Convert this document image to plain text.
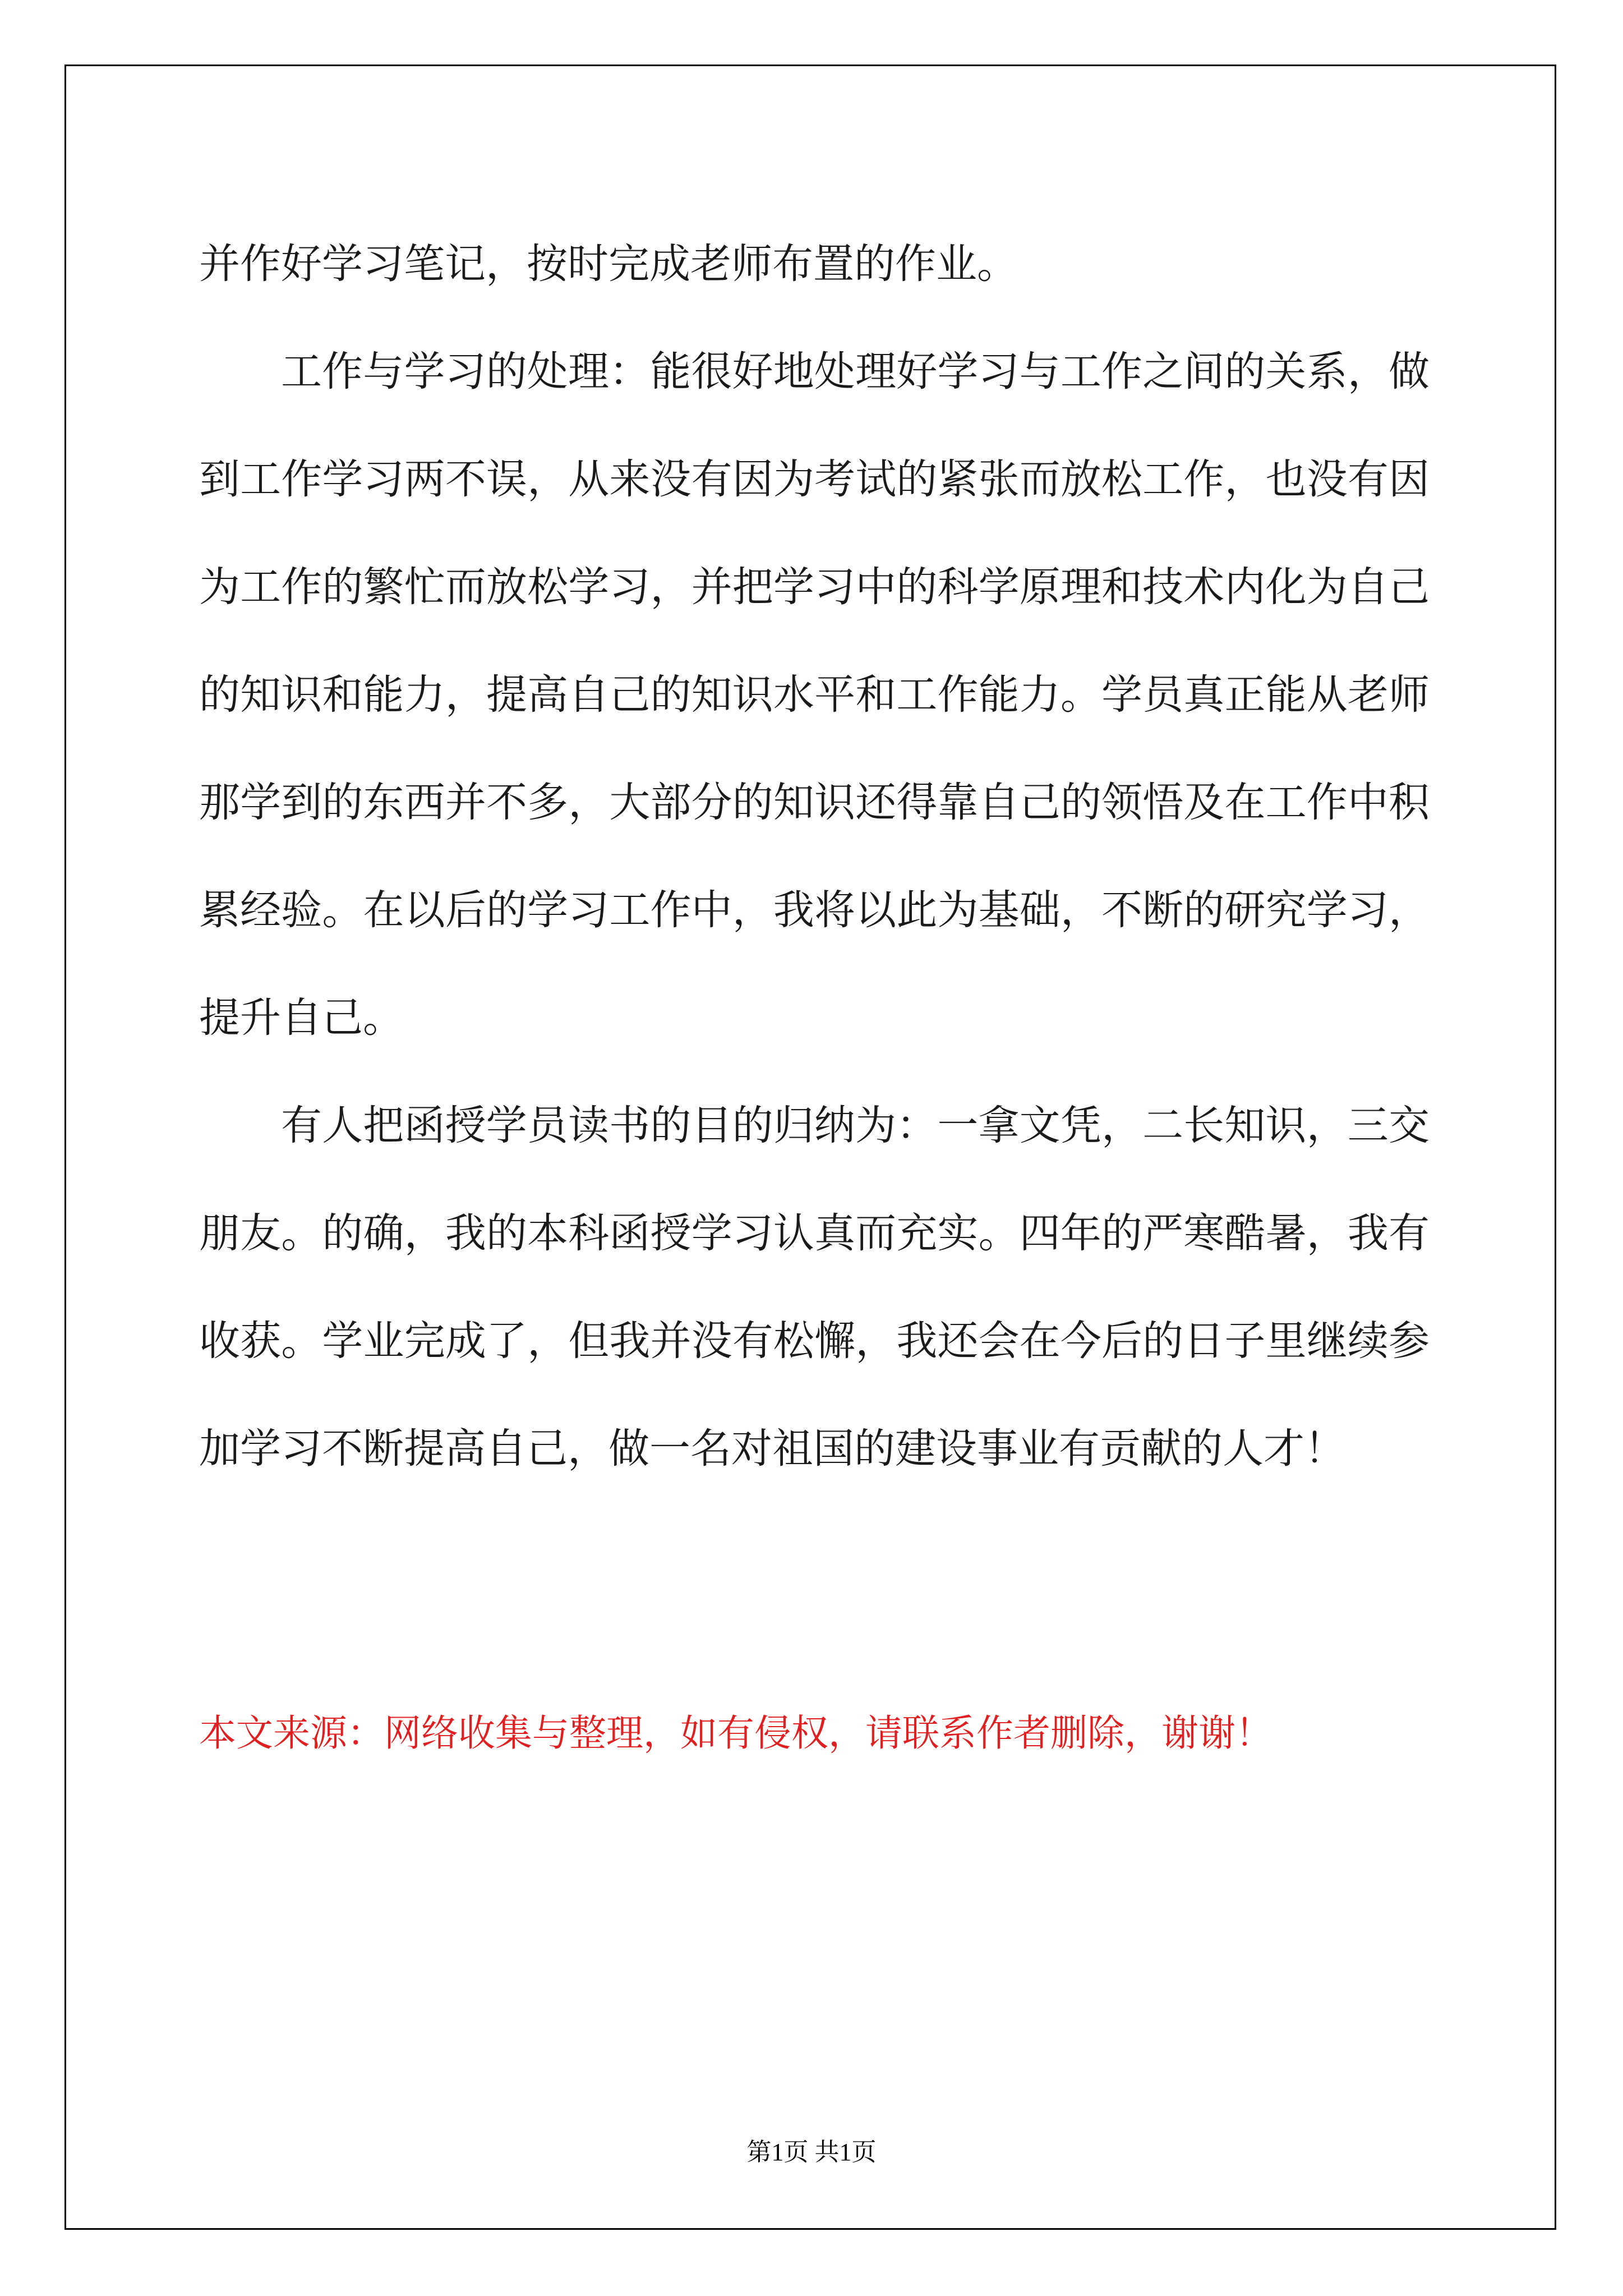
并作好学习笔记，按时完成老师布置的作业。

工作与学习的处理：能很好地处理好学习与工作之间的关系，做到工作学习两不误，从来没有因为考试的紧张而放松工作，也没有因为工作的繁忙而放松学习，并把学习中的科学原理和技术内化为自己的知识和能力，提高自己的知识水平和工作能力。学员真正能从老师那学到的东西并不多，大部分的知识还得靠自己的领悟及在工作中积累经验。在以后的学习工作中，我将以此为基础，不断的研究学习，提升自己。

有人把函授学员读书的目的归纳为：一拿文凭，二长知识，三交朋友。的确，我的本科函授学习认真而充实。四年的严寒酷暑，我有收获。学业完成了，但我并没有松懈，我还会在今后的日子里继续参加学习不断提高自己，做一名对祖国的建设事业有贡献的人才！

本文来源：网络收集与整理，如有侵权，请联系作者删除，谢谢！

第1页 共1页
